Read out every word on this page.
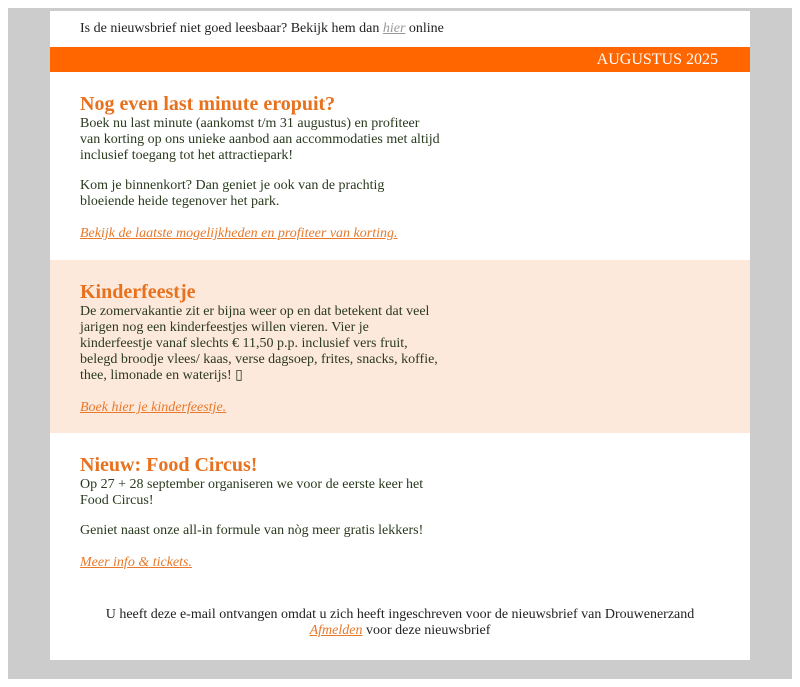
Is de nieuwsbrief niet goed leesbaar? Bekijk hem dan hier online
AUGUSTUS 2025
Nog even last minute eropuit?

Boek nu last minute (aankomst t/m 31 augustus) en profiteer van korting op ons unieke aanbod aan accommodaties met altijd inclusief toegang tot het attractiepark!

Kom je binnenkort? Dan geniet je ook van de prachtig bloeiende heide tegenover het park.

Bekijk de laatste mogelijkheden en profiteer van korting.
Kinderfeestje

De zomervakantie zit er bijna weer op en dat betekent dat veel jarigen nog een kinderfeestjes willen vieren. Vier je kinderfeestje vanaf slechts € 11,50 p.p. inclusief vers fruit, belegd broodje vlees/ kaas, verse dagsoep, frites, snacks, koffie, thee, limonade en waterijs! ▯

Boek hier je kinderfeestje.
Nieuw: Food Circus!

Op 27 + 28 september organiseren we voor de eerste keer het Food Circus!

Geniet naast onze all-in formule van nòg meer gratis lekkers!

Meer info & tickets.
U heeft deze e-mail ontvangen omdat u zich heeft ingeschreven voor de nieuwsbrief van Drouwenerzand
Afmelden voor deze nieuwsbrief
